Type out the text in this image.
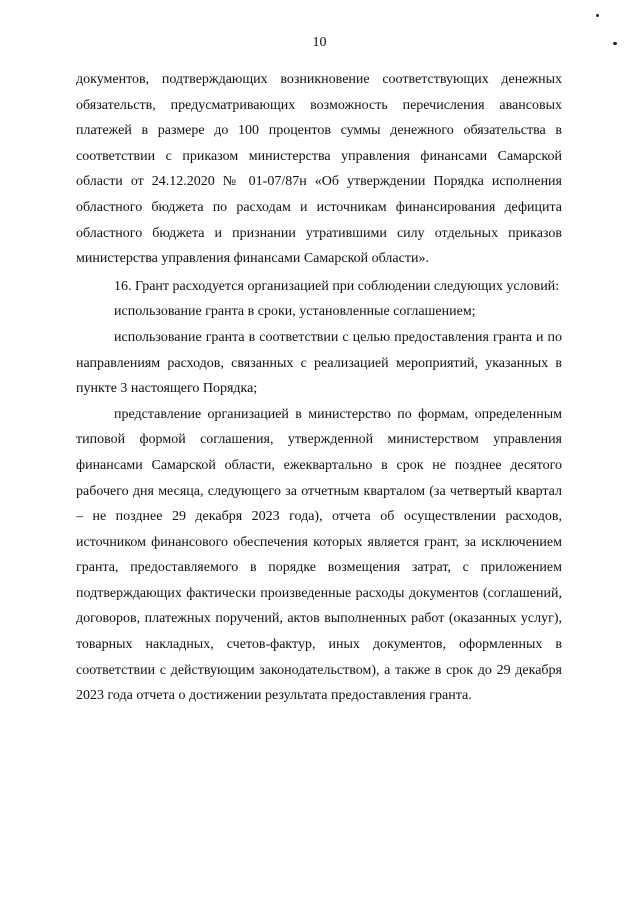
10

документов, подтверждающих возникновение соответствующих денежных обязательств, предусматривающих возможность перечисления авансовых платежей в размере до 100 процентов суммы денежного обязательства в соответствии с приказом министерства управления финансами Самарской области от 24.12.2020 № 01-07/87н «Об утверждении Порядка исполнения областного бюджета по расходам и источникам финансирования дефицита областного бюджета и признании утратившими силу отдельных приказов министерства управления финансами Самарской области».

16. Грант расходуется организацией при соблюдении следующих условий:

использование гранта в сроки, установленные соглашением;

использование гранта в соответствии с целью предоставления гранта и по направлениям расходов, связанных с реализацией мероприятий, указанных в пункте 3 настоящего Порядка;

представление организацией в министерство по формам, определенным типовой формой соглашения, утвержденной министерством управления финансами Самарской области, ежеквартально в срок не позднее десятого рабочего дня месяца, следующего за отчетным кварталом (за четвертый квартал – не позднее 29 декабря 2023 года), отчета об осуществлении расходов, источником финансового обеспечения которых является грант, за исключением гранта, предоставляемого в порядке возмещения затрат, с приложением подтверждающих фактически произведенные расходы документов (соглашений, договоров, платежных поручений, актов выполненных работ (оказанных услуг), товарных накладных, счетов-фактур, иных документов, оформленных в соответствии с действующим законодательством), а также в срок до 29 декабря 2023 года отчета о достижении результата предоставления гранта.
